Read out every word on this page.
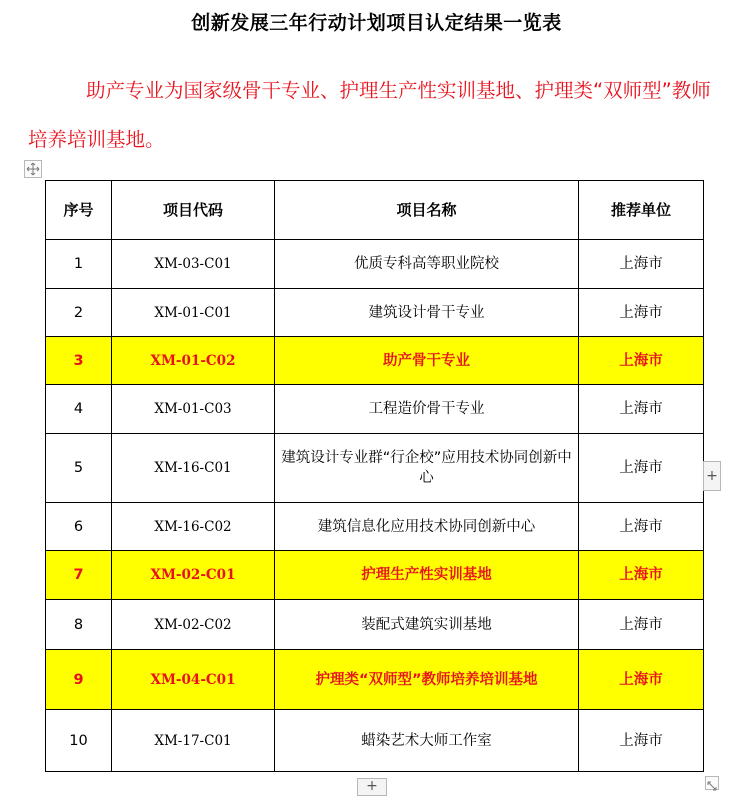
创新发展三年行动计划项目认定结果一览表
助产专业为国家级骨干专业、护理生产性实训基地、护理类“双师型”教师培养培训基地。
序号	项目代码	项目名称	推荐单位
1	XM-03-C01	优质专科高等职业院校	上海市
2	XM-01-C01	建筑设计骨干专业	上海市
3	XM-01-C02	助产骨干专业	上海市
4	XM-01-C03	工程造价骨干专业	上海市
5	XM-16-C01	建筑设计专业群“行企校”应用技术协同创新中心	上海市
6	XM-16-C02	建筑信息化应用技术协同创新中心	上海市
7	XM-02-C01	护理生产性实训基地	上海市
8	XM-02-C02	装配式建筑实训基地	上海市
9	XM-04-C01	护理类“双师型”教师培养培训基地	上海市
10	XM-17-C01	蜡染艺术大师工作室	上海市
+
+
